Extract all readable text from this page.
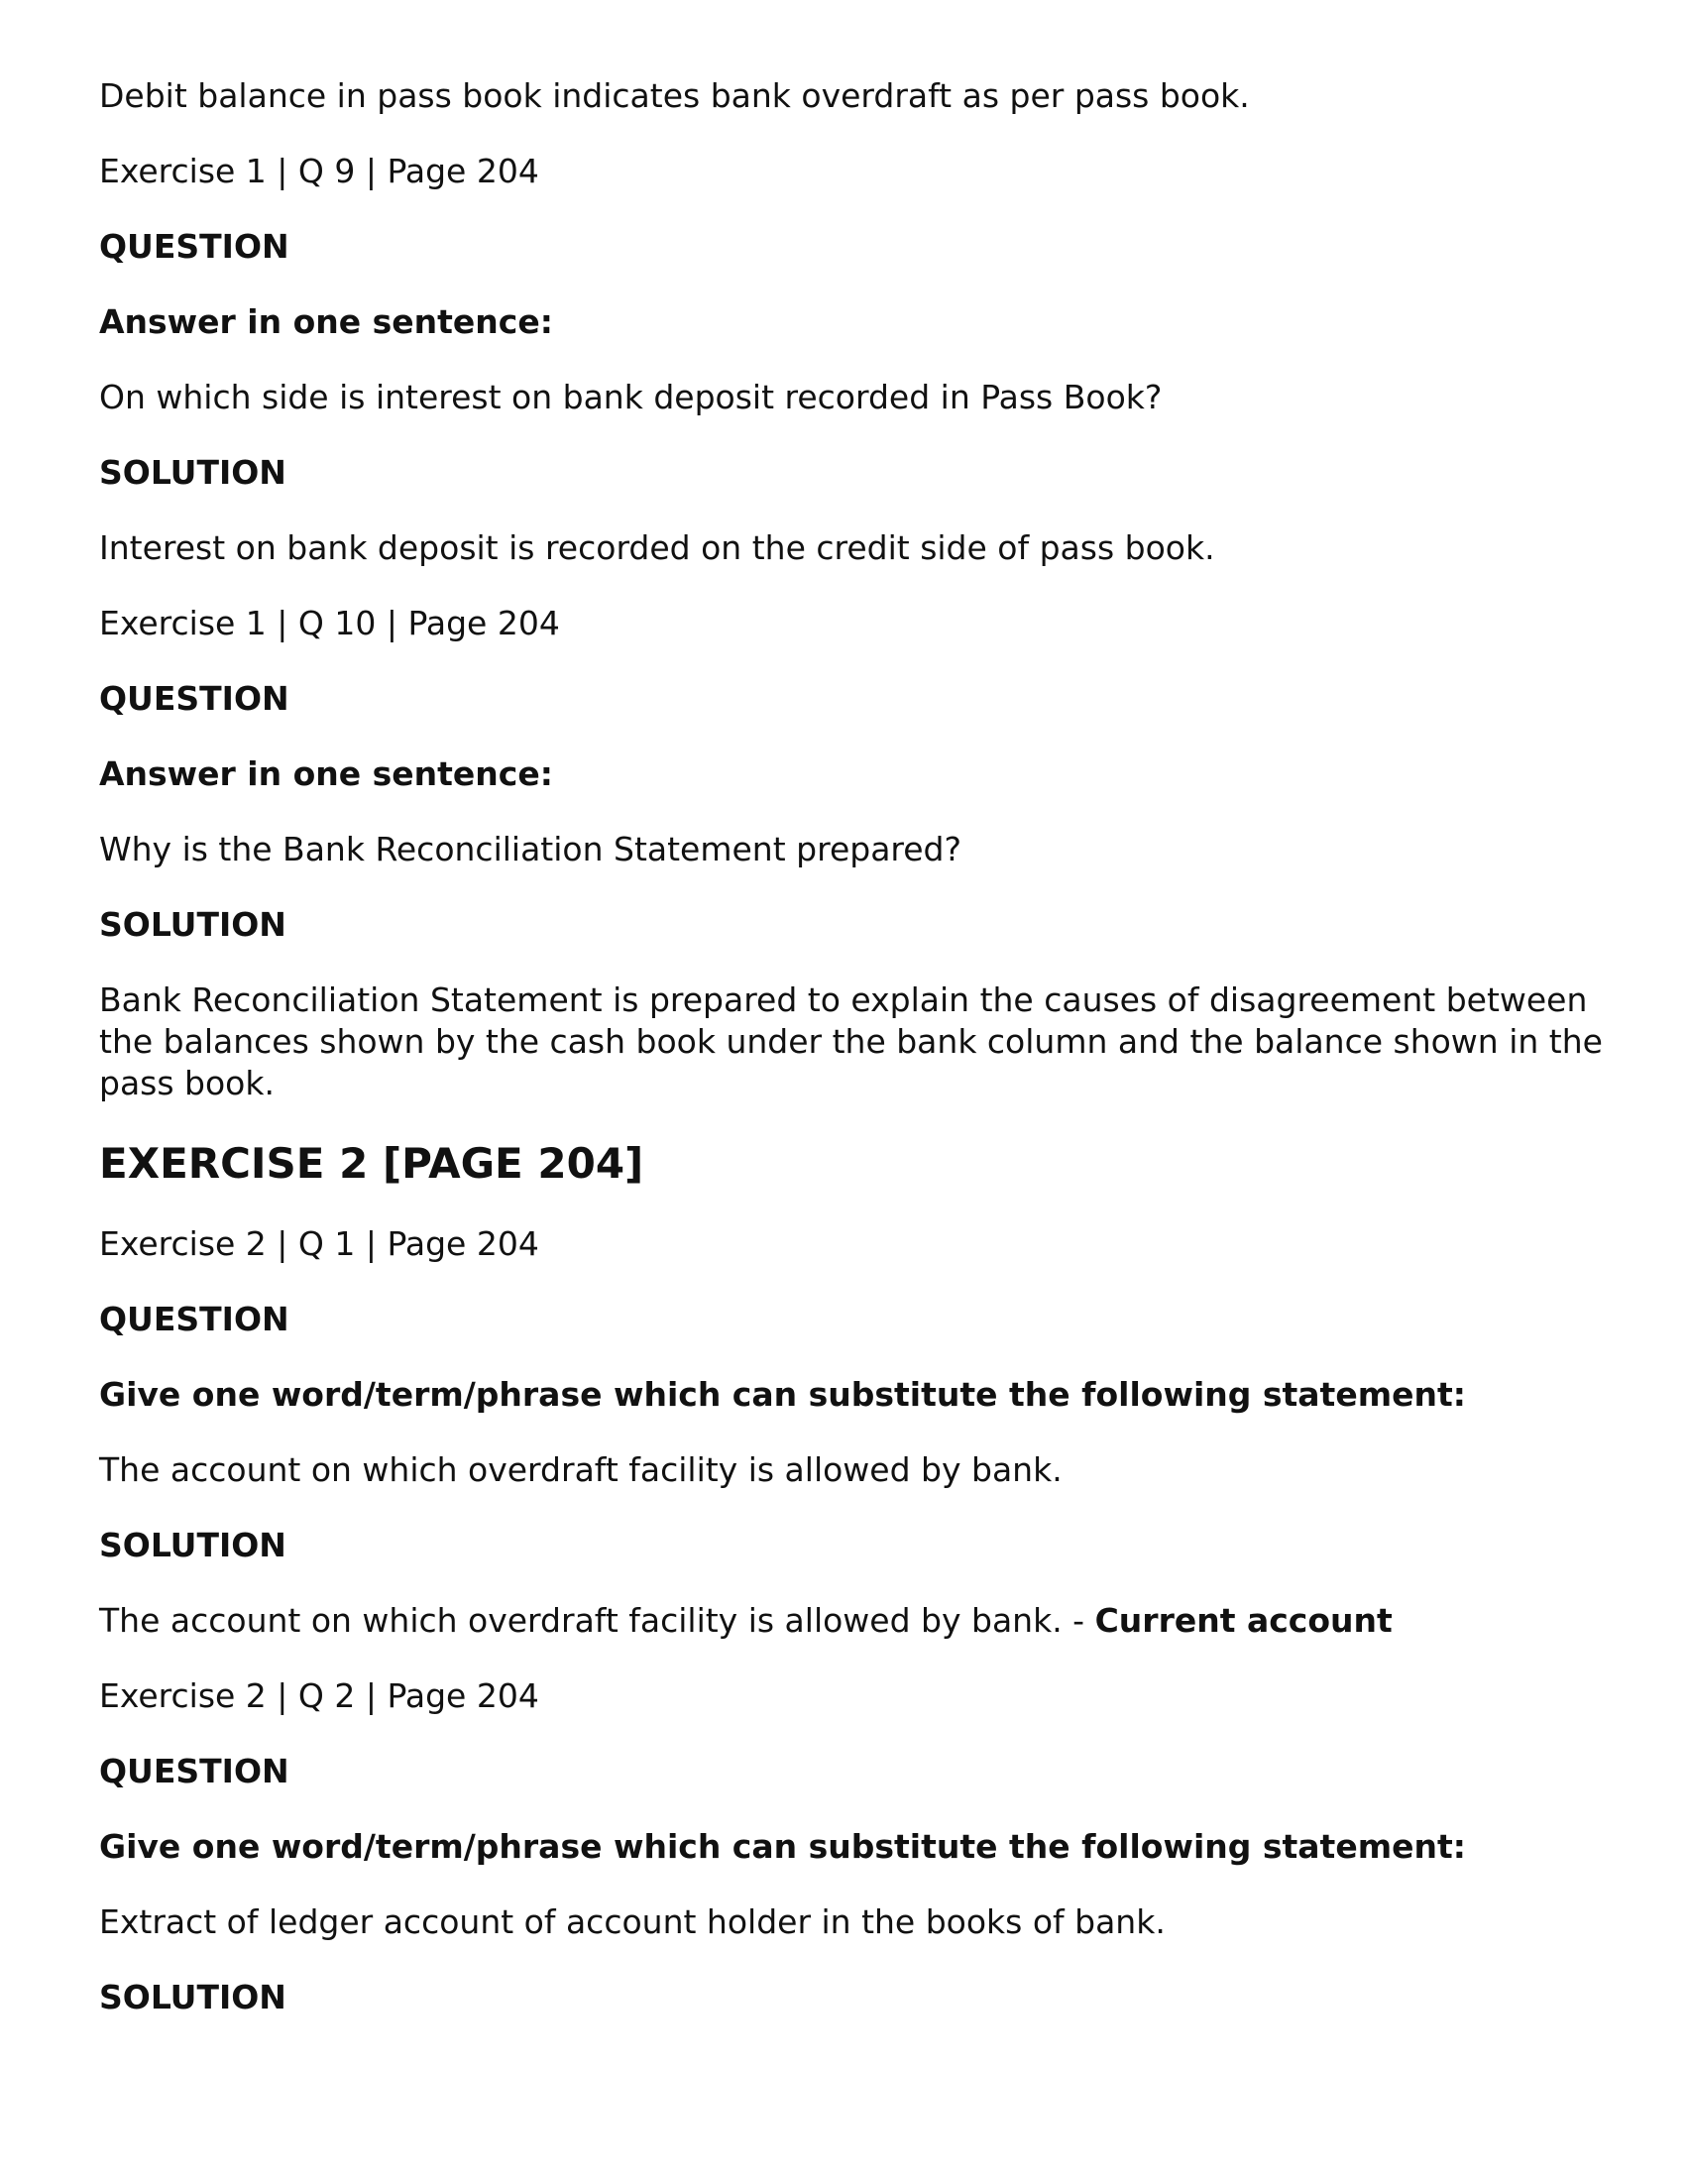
Debit balance in pass book indicates bank overdraft as per pass book.

Exercise 1 | Q 9 | Page 204

QUESTION

Answer in one sentence:

On which side is interest on bank deposit recorded in Pass Book?

SOLUTION

Interest on bank deposit is recorded on the credit side of pass book.

Exercise 1 | Q 10 | Page 204

QUESTION

Answer in one sentence:

Why is the Bank Reconciliation Statement prepared?

SOLUTION

Bank Reconciliation Statement is prepared to explain the causes of disagreement between the balances shown by the cash book under the bank column and the balance shown in the pass book.

EXERCISE 2 [PAGE 204]

Exercise 2 | Q 1 | Page 204

QUESTION

Give one word/term/phrase which can substitute the following statement:

The account on which overdraft facility is allowed by bank.

SOLUTION

The account on which overdraft facility is allowed by bank. - Current account

Exercise 2 | Q 2 | Page 204

QUESTION

Give one word/term/phrase which can substitute the following statement:

Extract of ledger account of account holder in the books of bank.

SOLUTION
